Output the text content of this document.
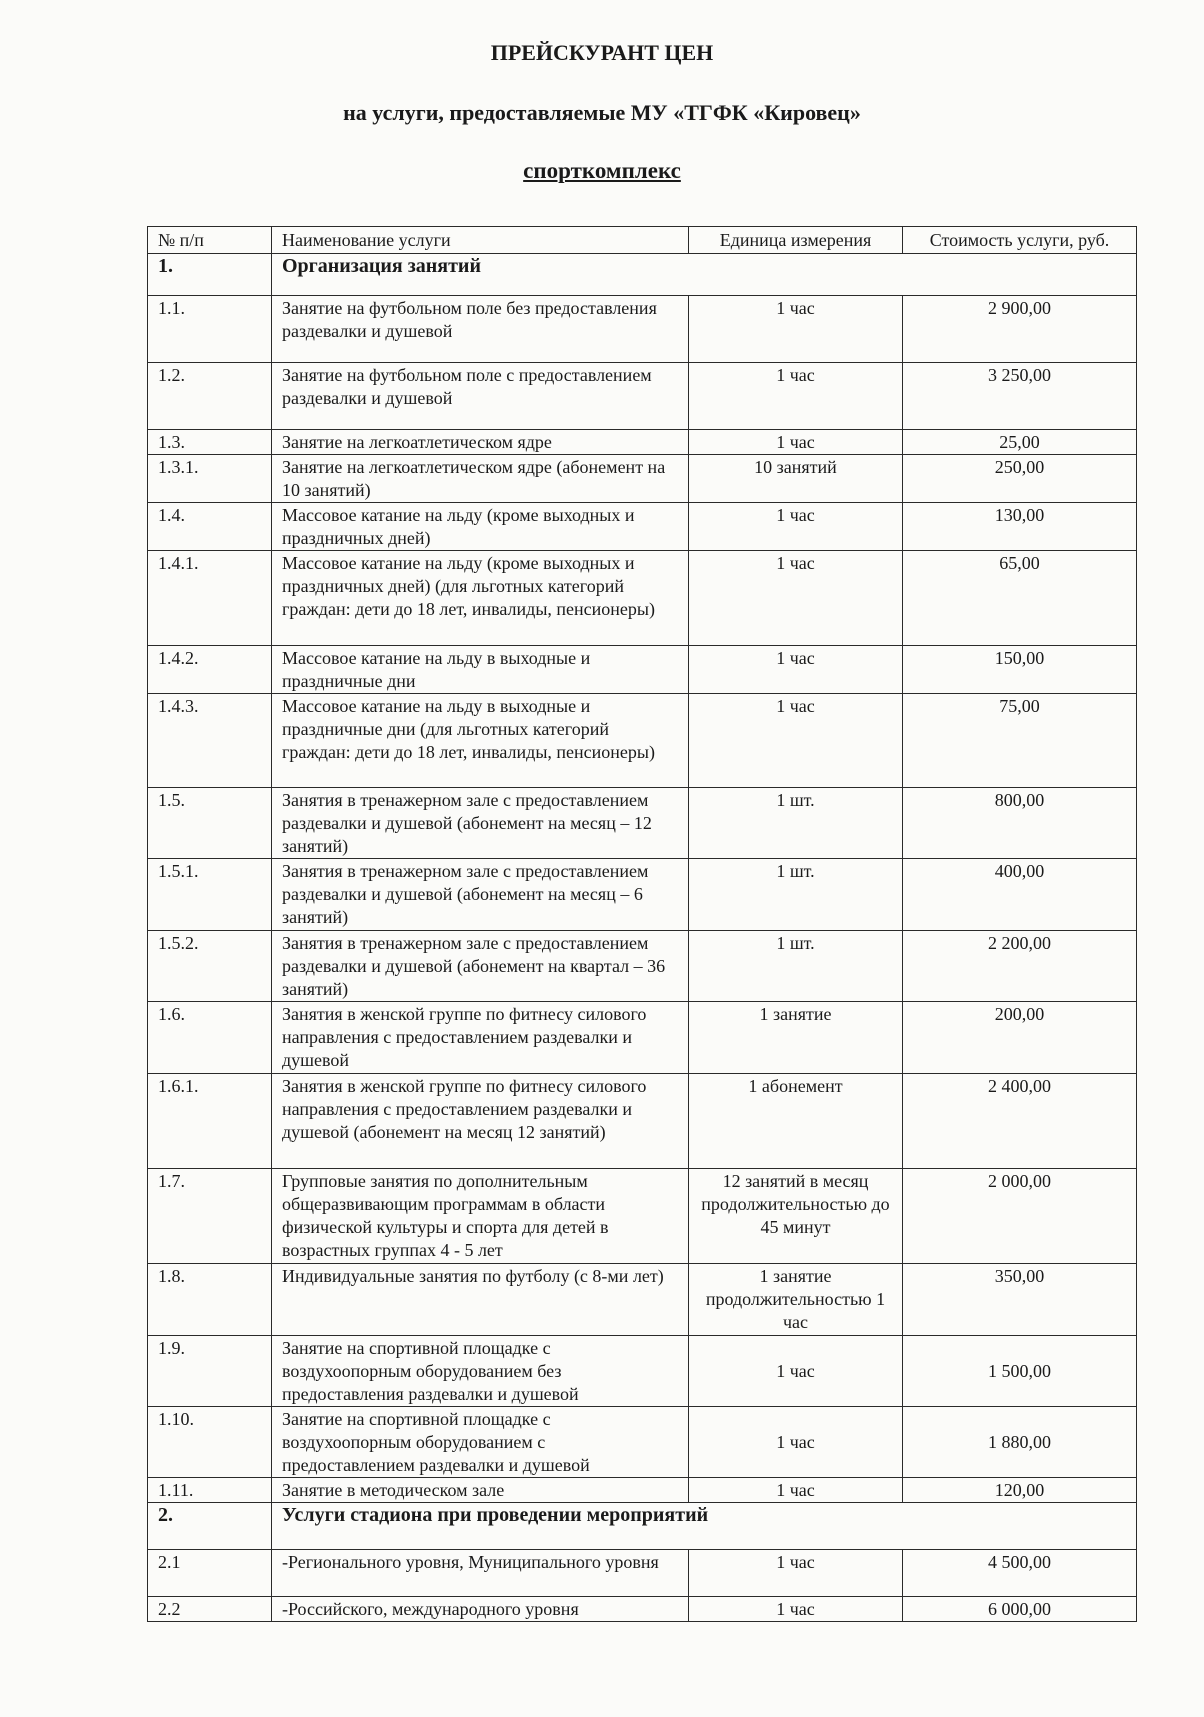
ПРЕЙСКУРАНТ ЦЕН
на услуги, предоставляемые МУ «ТГФК «Кировец»
спорткомплекс
№ п/п	Наименование услуги	Единица измерения	Стоимость услуги, руб.
1.	Организация занятий		
1.1.	Занятие на футбольном поле без предоставления раздевалки и душевой	1 час	2 900,00
1.2.	Занятие на футбольном поле с предоставлением раздевалки и душевой	1 час	3 250,00
1.3.	Занятие на легкоатлетическом ядре	1 час	25,00
1.3.1.	Занятие на легкоатлетическом ядре (абонемент на 10 занятий)	10 занятий	250,00
1.4.	Массовое катание на льду (кроме выходных и праздничных дней)	1 час	130,00
1.4.1.	Массовое катание на льду (кроме выходных и праздничных дней) (для льготных категорий граждан: дети до 18 лет, инвалиды, пенсионеры)	1 час	65,00
1.4.2.	Массовое катание на льду в выходные и праздничные дни	1 час	150,00
1.4.3.	Массовое катание на льду в выходные и праздничные дни (для льготных категорий граждан: дети до 18 лет, инвалиды, пенсионеры)	1 час	75,00
1.5.	Занятия в тренажерном зале с предоставлением раздевалки и душевой (абонемент на месяц – 12 занятий)	1 шт.	800,00
1.5.1.	Занятия в тренажерном зале с предоставлением раздевалки и душевой (абонемент на месяц – 6 занятий)	1 шт.	400,00
1.5.2.	Занятия в тренажерном зале с предоставлением раздевалки и душевой (абонемент на квартал – 36 занятий)	1 шт.	2 200,00
1.6.	Занятия в женской группе по фитнесу силового направления с предоставлением раздевалки и душевой	1 занятие	200,00
1.6.1.	Занятия в женской группе по фитнесу силового направления с предоставлением раздевалки и душевой (абонемент на месяц 12 занятий)	1 абонемент	2 400,00
1.7.	Групповые занятия по дополнительным общеразвивающим программам в области физической культуры и спорта для детей в возрастных группах 4 - 5 лет	12 занятий в месяц продолжительностью до 45 минут	2 000,00
1.8.	Индивидуальные занятия по футболу (с 8-ми лет)	1 занятие продолжительностью 1 час	350,00
1.9.	Занятие на спортивной площадке с воздухоопорным оборудованием без предоставления раздевалки и душевой	1 час	1 500,00
1.10.	Занятие на спортивной площадке с воздухоопорным оборудованием с предоставлением раздевалки и душевой	1 час	1 880,00
1.11.	Занятие в методическом зале	1 час	120,00
2.	Услуги стадиона при проведении мероприятий		
2.1	-Регионального уровня, Муниципального уровня	1 час	4 500,00
2.2	-Российского, международного уровня	1 час	6 000,00
